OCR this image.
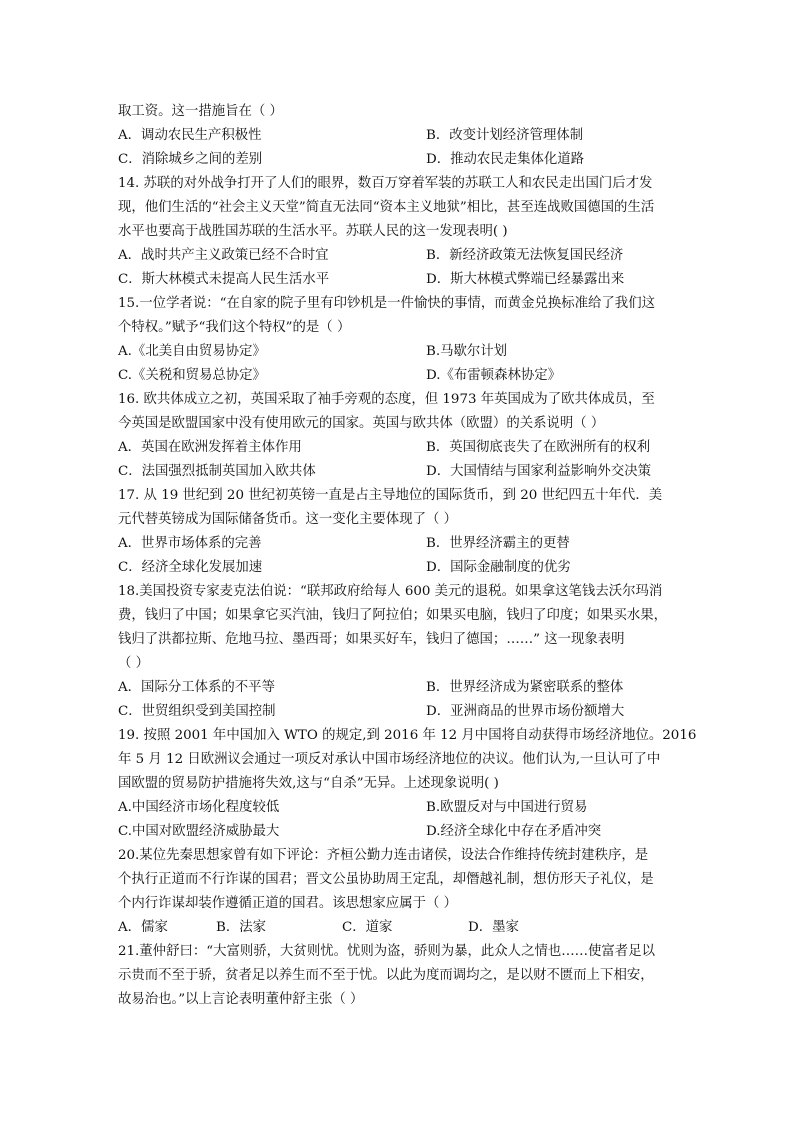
取工资。这一措施旨在（ ）
A．调动农民生产积极性	B．改变计划经济管理体制
C．消除城乡之间的差别	D．推动农民走集体化道路
14. 苏联的对外战争打开了人们的眼界，数百万穿着军装的苏联工人和农民走出国门后才发
现，他们生活的“社会主义天堂”简直无法同“资本主义地狱”相比，甚至连战败国德国的生活
水平也要高于战胜国苏联的生活水平。苏联人民的这一发现表明( )
A．战时共产主义政策已经不合时宜	B．新经济政策无法恢复国民经济
C．斯大林模式未提高人民生活水平	D．斯大林模式弊端已经暴露出来
15.一位学者说：“在自家的院子里有印钞机是一件愉快的事情，而黄金兑换标准给了我们这
个特权。”赋予“我们这个特权”的是（ ）
A.《北美自由贸易协定》	B.马歇尔计划
C.《关税和贸易总协定》	D.《布雷顿森林协定》
16. 欧共体成立之初，英国采取了袖手旁观的态度，但 1973 年英国成为了欧共体成员，至
今英国是欧盟国家中没有使用欧元的国家。英国与欧共体（欧盟）的关系说明（ ）
A．英国在欧洲发挥着主体作用	B．英国彻底丧失了在欧洲所有的权利
C．法国强烈抵制英国加入欧共体	D．大国情结与国家利益影响外交决策
17. 从 19 世纪到 20 世纪初英镑一直是占主导地位的国际货币，到 20 世纪四五十年代．美
元代替英镑成为国际储备货币。这一变化主要体现了（ ）
A．世界市场体系的完善	B．世界经济霸主的更替
C．经济全球化发展加速	D．国际金融制度的优劣
18.美国投资专家麦克法伯说：“联邦政府给每人 600 美元的退税。如果拿这笔钱去沃尔玛消
费，钱归了中国；如果拿它买汽油，钱归了阿拉伯；如果买电脑，钱归了印度；如果买水果，
钱归了洪都拉斯、危地马拉、墨西哥；如果买好车，钱归了德国；……” 这一现象表明
（ ）
A．国际分工体系的不平等	B．世界经济成为紧密联系的整体
C．世贸组织受到美国控制	D．亚洲商品的世界市场份额增大
19. 按照 2001 年中国加入 WTO 的规定,到 2016 年 12 月中国将自动获得市场经济地位。2016
年 5 月 12 日欧洲议会通过一项反对承认中国市场经济地位的决议。他们认为,一旦认可了中
国欧盟的贸易防护措施将失效,这与“自杀”无异。上述现象说明( )
A.中国经济市场化程度较低	B.欧盟反对与中国进行贸易
C.中国对欧盟经济威胁最大	D.经济全球化中存在矛盾冲突
20.某位先秦思想家曾有如下评论：齐桓公勤力连击诸侯，设法合作维持传统封建秩序，是
个执行正道而不行诈谋的国君；晋文公虽协助周王定乱，却僭越礼制，想仿形天子礼仪，是
个内行诈谋却装作遵循正道的国君。该思想家应属于（ ）
A．儒家	B．法家	C．道家	D．墨家
21.董仲舒曰：“大富则骄，大贫则忧。忧则为盗，骄则为暴，此众人之情也……使富者足以
示贵而不至于骄，贫者足以养生而不至于忧。以此为度而调均之，是以财不匮而上下相安，
故易治也。”以上言论表明董仲舒主张（ ）
